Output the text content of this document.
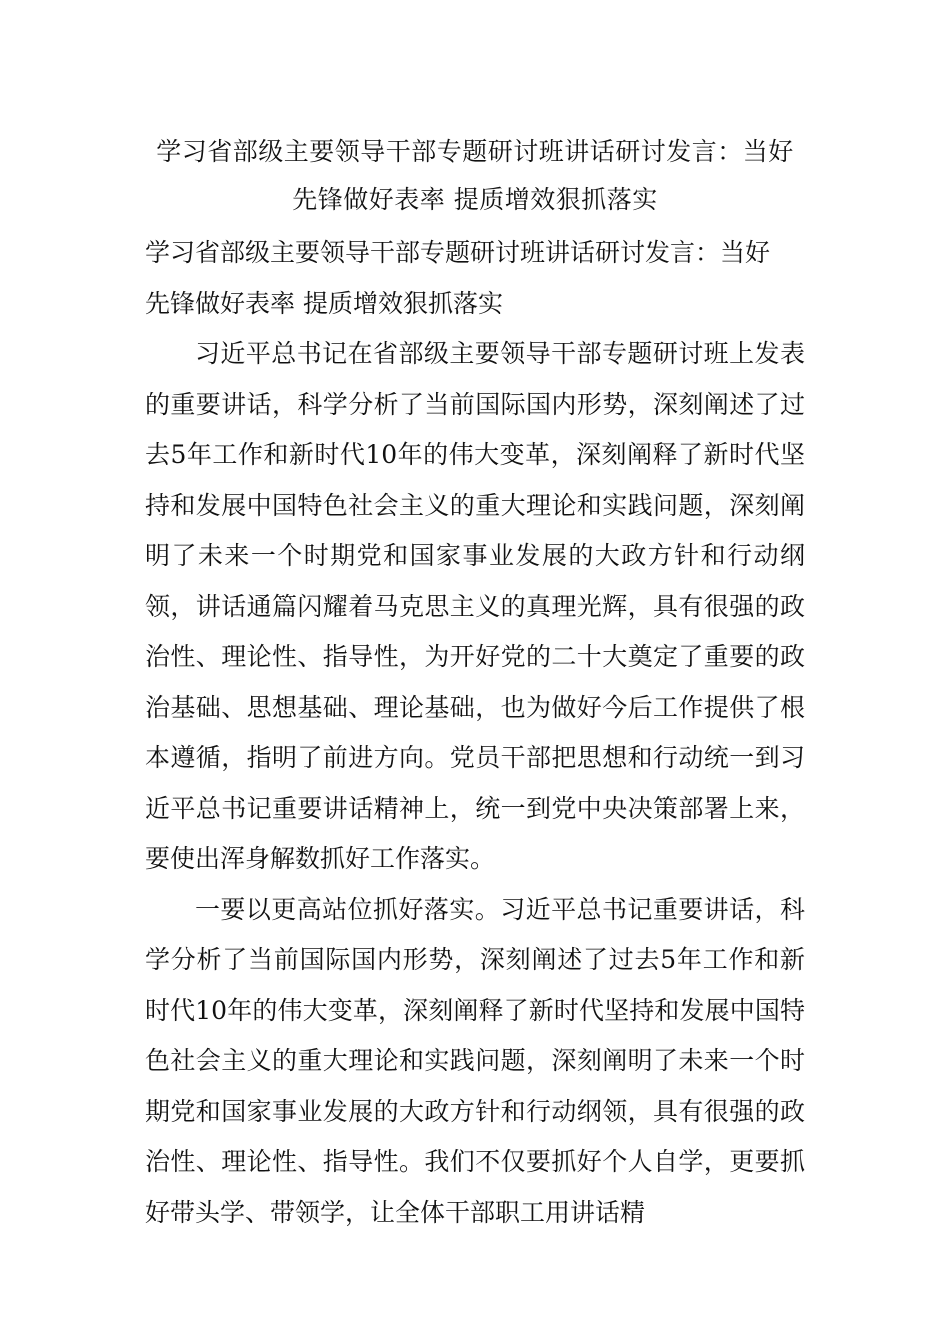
学习省部级主要领导干部专题研讨班讲话研讨发言：当好
先锋做好表率 提质增效狠抓落实

学习省部级主要领导干部专题研讨班讲话研讨发言：当好
先锋做好表率 提质增效狠抓落实

习近平总书记在省部级主要领导干部专题研讨班上发表的重要讲话，科学分析了当前国际国内形势，深刻阐述了过去5年工作和新时代10年的伟大变革，深刻阐释了新时代坚持和发展中国特色社会主义的重大理论和实践问题，深刻阐明了未来一个时期党和国家事业发展的大政方针和行动纲领，讲话通篇闪耀着马克思主义的真理光辉，具有很强的政治性、理论性、指导性，为开好党的二十大奠定了重要的政治基础、思想基础、理论基础，也为做好今后工作提供了根本遵循，指明了前进方向。党员干部把思想和行动统一到习近平总书记重要讲话精神上，统一到党中央决策部署上来，要使出浑身解数抓好工作落实。

一要以更高站位抓好落实。习近平总书记重要讲话，科学分析了当前国际国内形势，深刻阐述了过去5年工作和新时代10年的伟大变革，深刻阐释了新时代坚持和发展中国特色社会主义的重大理论和实践问题，深刻阐明了未来一个时期党和国家事业发展的大政方针和行动纲领，具有很强的政治性、理论性、指导性。我们不仅要抓好个人自学，更要抓好带头学、带领学，让全体干部职工用讲话精
